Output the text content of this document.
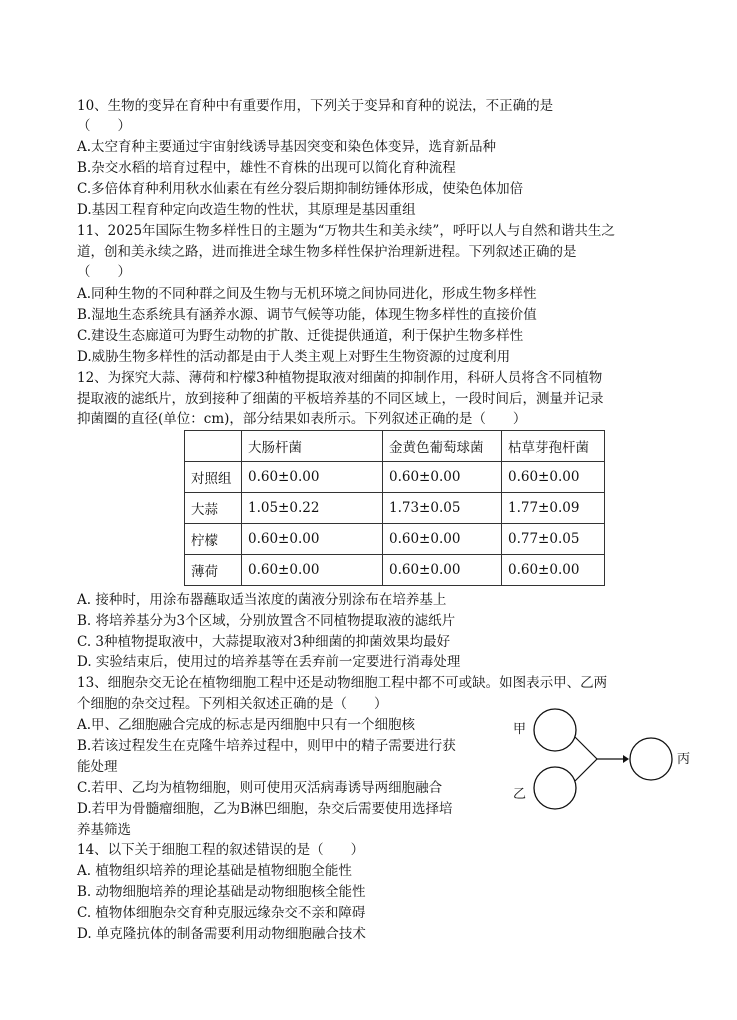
10、生物的变异在育种中有重要作用，下列关于变异和育种的说法，不正确的是
（　　）
A.太空育种主要通过宇宙射线诱导基因突变和染色体变异，选育新品种
B.杂交水稻的培育过程中，雄性不育株的出现可以简化育种流程
C.多倍体育种利用秋水仙素在有丝分裂后期抑制纺锤体形成，使染色体加倍
D.基因工程育种定向改造生物的性状，其原理是基因重组
11、2025年国际生物多样性日的主题为“万物共生和美永续”，呼吁以人与自然和谐共生之
道，创和美永续之路，进而推进全球生物多样性保护治理新进程。下列叙述正确的是
（　　）
A.同种生物的不同种群之间及生物与无机环境之间协同进化，形成生物多样性
B.湿地生态系统具有涵养水源、调节气候等功能，体现生物多样性的直接价值
C.建设生态廊道可为野生动物的扩散、迁徙提供通道，利于保护生物多样性
D.威胁生物多样性的活动都是由于人类主观上对野生生物资源的过度利用
12、为探究大蒜、薄荷和柠檬3种植物提取液对细菌的抑制作用，科研人员将含不同植物
提取液的滤纸片，放到接种了细菌的平板培养基的不同区域上，一段时间后，测量并记录
抑菌圈的直径(单位：cm)，部分结果如表所示。下列叙述正确的是（　　）
	大肠杆菌	金黄色葡萄球菌	枯草芽孢杆菌
对照组	0.60±0.00	0.60±0.00	0.60±0.00
大蒜	1.05±0.22	1.73±0.05	1.77±0.09
柠檬	0.60±0.00	0.60±0.00	0.77±0.05
薄荷	0.60±0.00	0.60±0.00	0.60±0.00
A. 接种时，用涂布器蘸取适当浓度的菌液分别涂布在培养基上
B. 将培养基分为3个区域，分别放置含不同植物提取液的滤纸片
C. 3种植物提取液中，大蒜提取液对3种细菌的抑菌效果均最好
D. 实验结束后，使用过的培养基等在丢弃前一定要进行消毒处理
13、细胞杂交无论在植物细胞工程中还是动物细胞工程中都不可或缺。如图表示甲、乙两
个细胞的杂交过程。下列相关叙述正确的是（　　）
A.甲、乙细胞融合完成的标志是丙细胞中只有一个细胞核
B.若该过程发生在克隆牛培养过程中，则甲中的精子需要进行获
能处理
C.若甲、乙均为植物细胞，则可使用灭活病毒诱导两细胞融合
D.若甲为骨髓瘤细胞，乙为B淋巴细胞，杂交后需要使用选择培
养基筛选
甲
乙
丙
14、以下关于细胞工程的叙述错误的是（　　）
A. 植物组织培养的理论基础是植物细胞全能性
B. 动物细胞培养的理论基础是动物细胞核全能性
C. 植物体细胞杂交育种克服远缘杂交不亲和障碍
D. 单克隆抗体的制备需要利用动物细胞融合技术
